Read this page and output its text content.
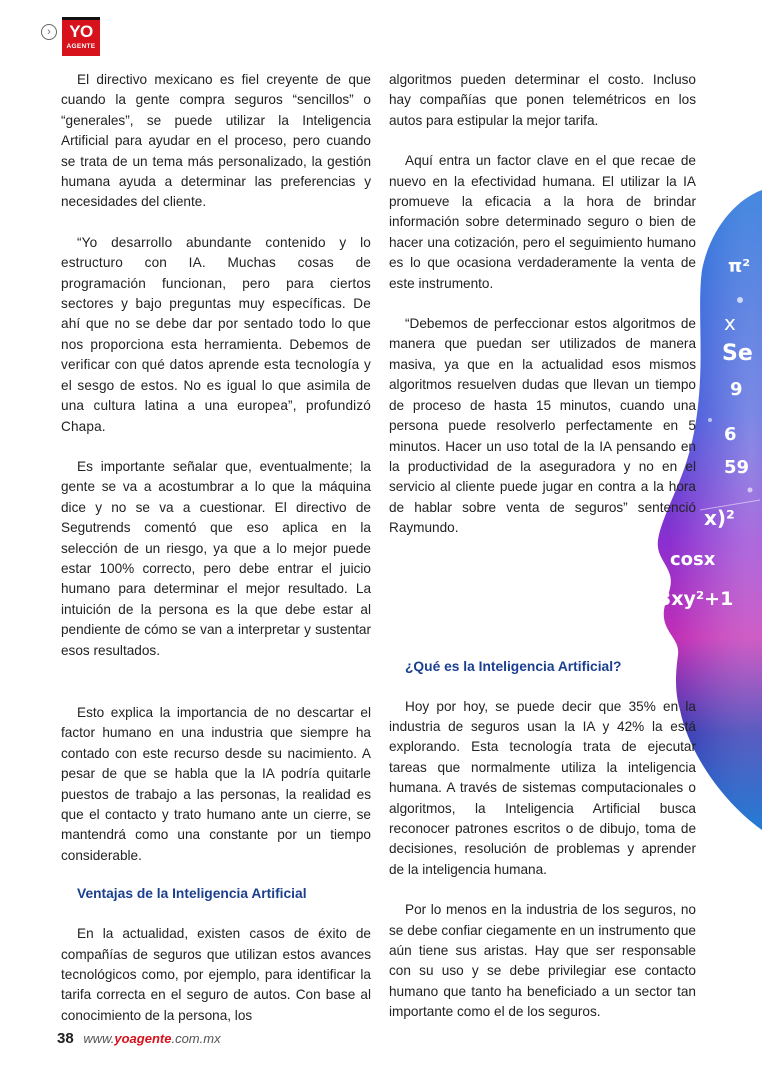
›	YO
AGENTE
π²
x
Se
9
6
59
x)²
cosx
3xy²+1

El directivo mexicano es fiel creyente de que cuando la gente compra seguros “sencillos” o “generales”, se puede utilizar la Inteligencia Artificial para ayudar en el proceso, pero cuando se trata de un tema más personalizado, la gestión humana ayuda a determinar las preferencias y necesidades del cliente.

“Yo desarrollo abundante contenido y lo estructuro con IA. Muchas cosas de programación funcionan, pero para ciertos sectores y bajo preguntas muy específicas. De ahí que no se debe dar por sentado todo lo que nos proporciona esta herramienta. Debemos de verificar con qué datos aprende esta tecnología y el sesgo de estos. No es igual lo que asimila de una cultura latina a una europea”, profundizó Chapa.

Es importante señalar que, eventualmente; la gente se va a acostumbrar a lo que la máquina dice y no se va a cuestionar. El directivo de Segutrends comentó que eso aplica en la selección de un riesgo, ya que a lo mejor puede estar 100% correcto, pero debe entrar el juicio humano para determinar el mejor resultado. La intuición de la persona es la que debe estar al pendiente de cómo se van a interpretar y sustentar esos resultados.

Esto explica la importancia de no descartar el factor humano en una industria que siempre ha contado con este recurso desde su nacimiento. A pesar de que se habla que la IA podría quitarle puestos de trabajo a las personas, la realidad es que el contacto y trato humano ante un cierre, se mantendrá como una constante por un tiempo considerable.

Ventajas de la Inteligencia Artificial

En la actualidad, existen casos de éxito de compañías de seguros que utilizan estos avances tecnológicos como, por ejemplo, para identificar la tarifa correcta en el seguro de autos. Con base al conocimiento de la persona, los

algoritmos pueden determinar el costo. Incluso hay compañías que ponen telemétricos en los autos para estipular la mejor tarifa.

Aquí entra un factor clave en el que recae de nuevo en la efectividad humana. El utilizar la IA promueve la eficacia a la hora de brindar información sobre determinado seguro o bien de hacer una cotización, pero el seguimiento humano es lo que ocasiona verdaderamente la venta de este instrumento.

“Debemos de perfeccionar estos algoritmos de manera que puedan ser utilizados de manera masiva, ya que en la actualidad esos mismos algoritmos resuelven dudas que llevan un tiempo de proceso de hasta 15 minutos, cuando una persona puede resolverlo perfectamente en 5 minutos. Hacer un uso total de la IA pensando en la productividad de la aseguradora y no en el servicio al cliente puede jugar en contra a la hora de hablar sobre venta de seguros” sentenció Raymundo.

¿Qué es la Inteligencia Artificial?

Hoy por hoy, se puede decir que 35% en la industria de seguros usan la IA y 42% la está explorando. Esta tecnología trata de ejecutar tareas que normalmente utiliza la inteligencia humana. A través de sistemas computacionales o algoritmos, la Inteligencia Artificial busca reconocer patrones escritos o de dibujo, toma de decisiones, resolución de problemas y aprender de la inteligencia humana.

Por lo menos en la industria de los seguros, no se debe confiar ciegamente en un instrumento que aún tiene sus aristas. Hay que ser responsable con su uso y se debe privilegiar ese contacto humano que tanto ha beneficiado a un sector tan importante como el de los seguros.

38 www.yoagente.com.mx
